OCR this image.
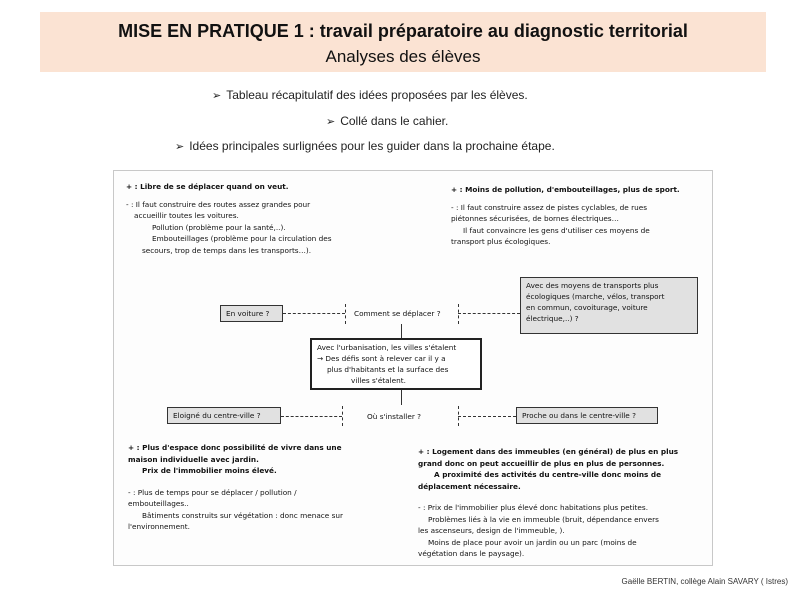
MISE EN PRATIQUE 1 : travail préparatoire au diagnostic territorial
Analyses des élèves
➢ Tableau récapitulatif des idées proposées par les élèves.
➢ Collé dans le cahier.
➢ Idées principales surlignées pour les guider dans la prochaine étape.
+ : Libre de se déplacer quand on veut.
- : Il faut construire des routes assez grandes pour
accueillir toutes les voitures.
Pollution (problème pour la santé,..).
Embouteillages (problème pour la circulation des
secours, trop de temps dans les transports…).
+ : Moins de pollution, d'embouteillages, plus de sport.
- : Il faut construire assez de pistes cyclables, de rues
piétonnes sécurisées, de bornes électriques…
Il faut convaincre les gens d'utiliser ces moyens de
transport plus écologiques.
Avec des moyens de transports plus
écologiques (marche, vélos, transport
en commun, covoiturage, voiture
électrique,..) ?
En voiture ?	Comment se déplacer ?
Avec l'urbanisation, les villes s'étalent
→ Des défis sont à relever car il y a
plus d'habitants et la surface des
villes s'étalent.
Eloigné du centre-ville ?	Où s'installer ?	Proche ou dans le centre-ville ?
+ : Plus d'espace donc possibilité de vivre dans une
maison individuelle avec jardin.
Prix de l'immobilier moins élevé.
- : Plus de temps pour se déplacer / pollution /
embouteillages..
Bâtiments construits sur végétation : donc menace sur
l'environnement.
+ : Logement dans des immeubles (en général) de plus en plus
grand donc on peut accueillir de plus en plus de personnes.
A proximité des activités du centre-ville donc moins de
déplacement nécessaire.
- : Prix de l'immobilier plus élevé donc habitations plus petites.
Problèmes liés à la vie en immeuble (bruit, dépendance envers
les ascenseurs, design de l'immeuble, ).
Moins de place pour avoir un jardin ou un parc (moins de
végétation dans le paysage).
Gaëlle BERTIN, collège Alain SAVARY ( Istres)
